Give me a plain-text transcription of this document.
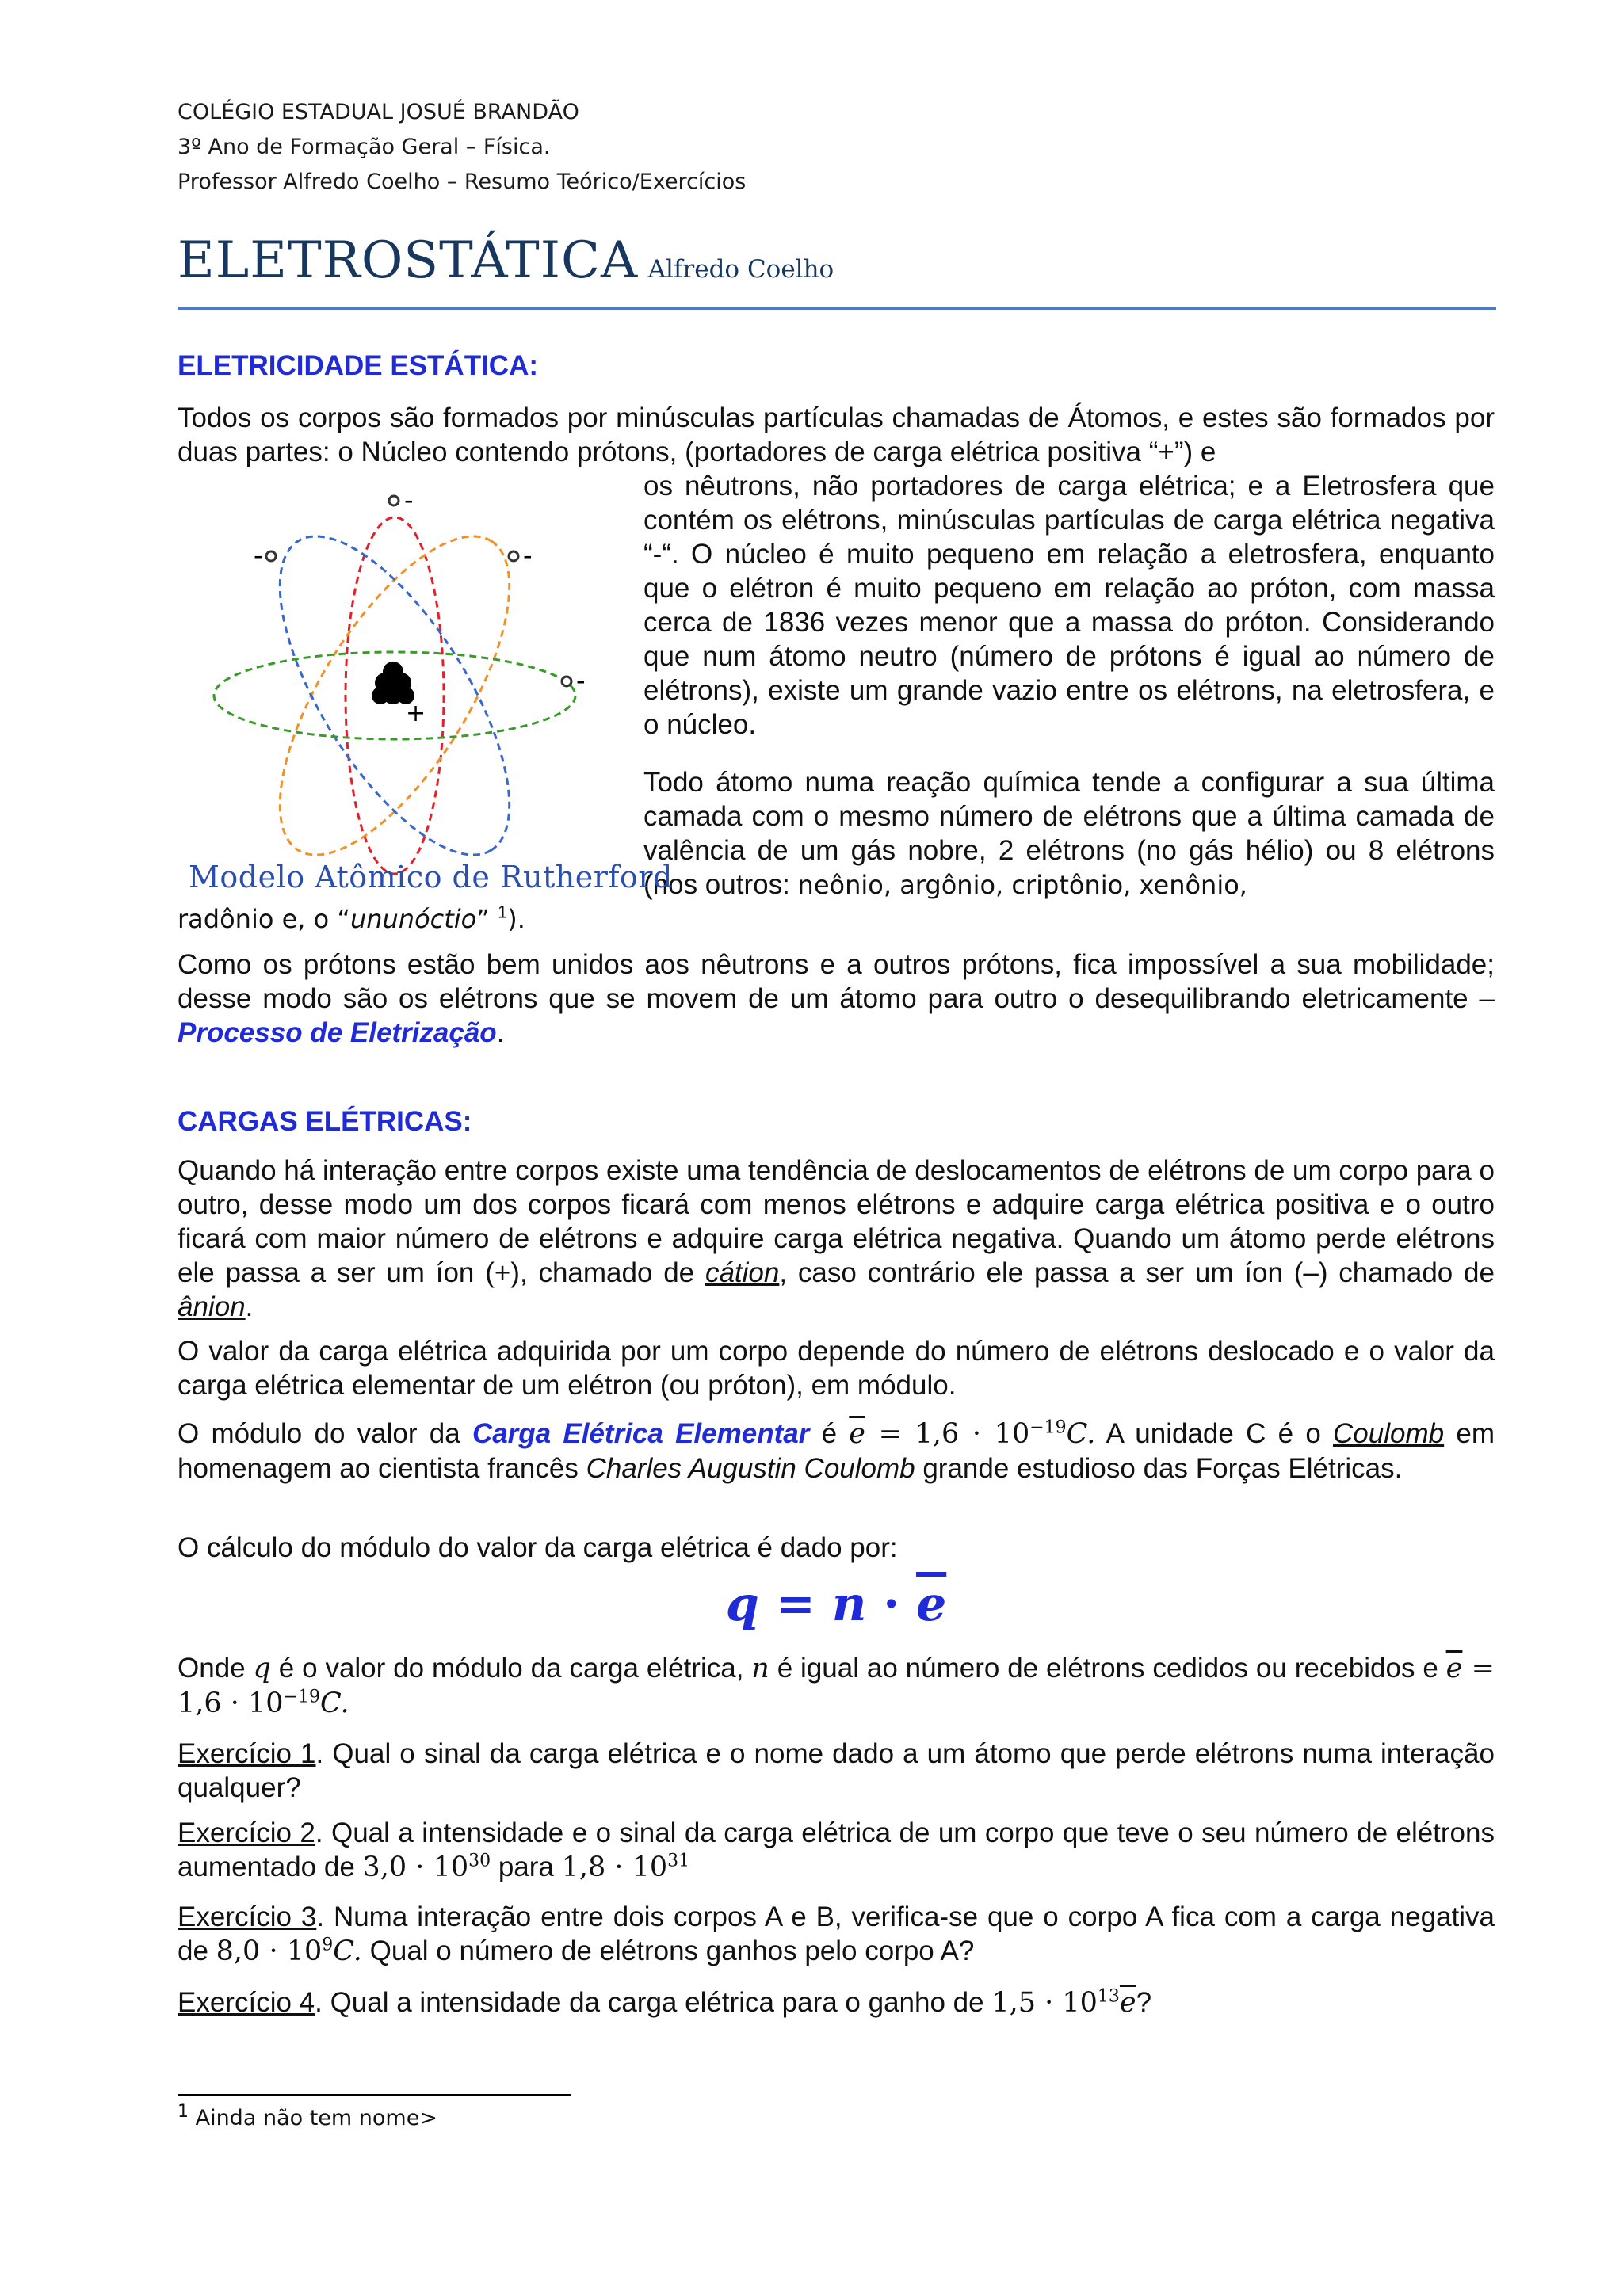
COLÉGIO ESTADUAL JOSUÉ BRANDÃO
3º Ano de Formação Geral – Física.
Professor Alfredo Coelho – Resumo Teórico/Exercícios
ELETROSTÁTICA Alfredo Coelho
ELETRICIDADE ESTÁTICA:
Todos os corpos são formados por minúsculas partículas chamadas de Átomos, e estes são formados por duas partes: o Núcleo contendo prótons, (portadores de carga elétrica positiva “+”) e
os nêutrons, não portadores de carga elétrica; e a Eletrosfera que contém os elétrons, minúsculas partículas de carga elétrica negativa “-“. O núcleo é muito pequeno em relação a eletrosfera, enquanto que o elétron é muito pequeno em relação ao próton, com massa cerca de 1836 vezes menor que a massa do próton. Considerando que num átomo neutro (número de prótons é igual ao número de elétrons), existe um grande vazio entre os elétrons, na eletrosfera, e o núcleo.
Todo átomo numa reação química tende a configurar a sua última camada com o mesmo número de elétrons que a última camada de valência de um gás nobre, 2 elétrons (no gás hélio) ou 8 elétrons (nos outros: neônio, argônio, criptônio, xenônio,
radônio e, o “ununóctio” $^1$).
Como os prótons estão bem unidos aos nêutrons e a outros prótons, fica impossível a sua mobilidade; desse modo são os elétrons que se movem de um átomo para outro o desequilibrando eletricamente – Processo de Eletrização.
+
-
-	-
-
Modelo Atômico de Rutherford
CARGAS ELÉTRICAS:
Quando há interação entre corpos existe uma tendência de deslocamentos de elétrons de um corpo para o outro, desse modo um dos corpos ficará com menos elétrons e adquire carga elétrica positiva e o outro ficará com maior número de elétrons e adquire carga elétrica negativa. Quando um átomo perde elétrons ele passa a ser um íon (+), chamado de cátion, caso contrário ele passa a ser um íon (–) chamado de ânion.
O valor da carga elétrica adquirida por um corpo depende do número de elétrons deslocado e o valor da carga elétrica elementar de um elétron (ou próton), em módulo.
O módulo do valor da Carga Elétrica Elementar é $\overline{e} = 1,6 \cdot 10^{-19}C$. A unidade C é o Coulomb em homenagem ao cientista francês Charles Augustin Coulomb grande estudioso das Forças Elétricas.
O cálculo do módulo do valor da carga elétrica é dado por:
$q = n \cdot \overline{e}$
Onde q é o valor do módulo da carga elétrica, n é igual ao número de elétrons cedidos ou recebidos e $\overline{e} = 1,6 \cdot 10^{-19}C$.
Exercício 1. Qual o sinal da carga elétrica e o nome dado a um átomo que perde elétrons numa interação qualquer?
Exercício 2. Qual a intensidade e o sinal da carga elétrica de um corpo que teve o seu número de elétrons aumentado de $3,0 \cdot 10^{30}$ para $1,8 \cdot 10^{31}$
Exercício 3. Numa interação entre dois corpos A e B, verifica-se que o corpo A fica com a carga negativa de $8,0 \cdot 10^9C$. Qual o número de elétrons ganhos pelo corpo A?
Exercício 4. Qual a intensidade da carga elétrica para o ganho de $1,5 \cdot 10^{13}\overline{e}$?
$^1$ Ainda não tem nome>
